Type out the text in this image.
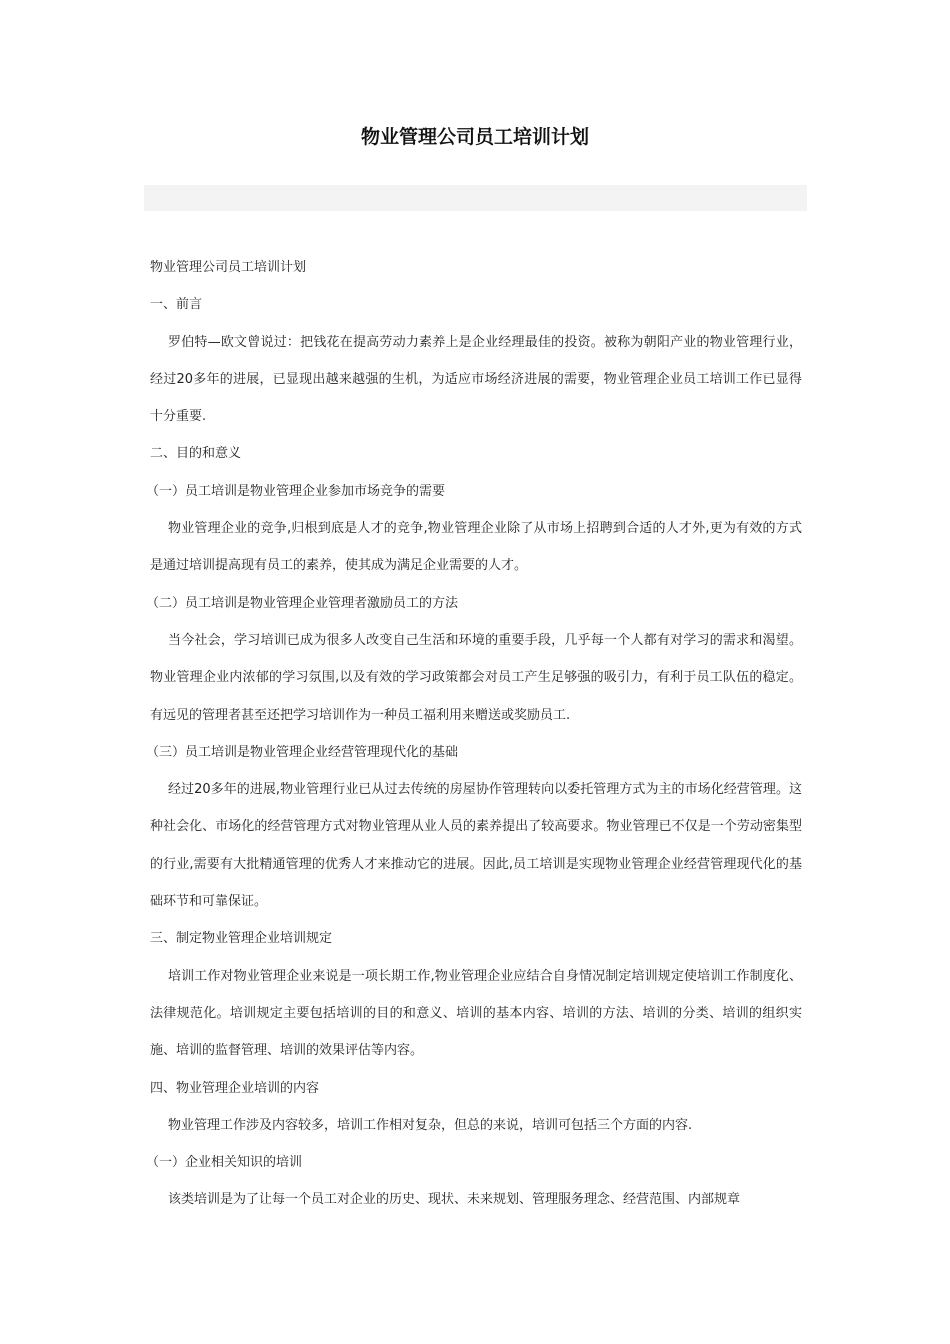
物业管理公司员工培训计划

物业管理公司员工培训计划

一、前言

罗伯特—欧文曾说过：把钱花在提高劳动力素养上是企业经理最佳的投资。被称为朝阳产业的物业管理行业，经过20多年的进展，已显现出越来越强的生机，为适应市场经济进展的需要，物业管理企业员工培训工作已显得十分重要.

二、目的和意义

（一）员工培训是物业管理企业参加市场竞争的需要

物业管理企业的竞争,归根到底是人才的竞争,物业管理企业除了从市场上招聘到合适的人才外,更为有效的方式是通过培训提高现有员工的素养，使其成为满足企业需要的人才。

（二）员工培训是物业管理企业管理者激励员工的方法

当今社会，学习培训已成为很多人改变自己生活和环境的重要手段，几乎每一个人都有对学习的需求和渴望。物业管理企业内浓郁的学习氛围,以及有效的学习政策都会对员工产生足够强的吸引力，有利于员工队伍的稳定。有远见的管理者甚至还把学习培训作为一种员工福利用来赠送或奖励员工.

（三）员工培训是物业管理企业经营管理现代化的基础

经过20多年的进展,物业管理行业已从过去传统的房屋协作管理转向以委托管理方式为主的市场化经营管理。这种社会化、市场化的经营管理方式对物业管理从业人员的素养提出了较高要求。物业管理已不仅是一个劳动密集型的行业,需要有大批精通管理的优秀人才来推动它的进展。因此,员工培训是实现物业管理企业经营管理现代化的基础环节和可靠保证。

三、制定物业管理企业培训规定

培训工作对物业管理企业来说是一项长期工作,物业管理企业应结合自身情况制定培训规定使培训工作制度化、法律规范化。培训规定主要包括培训的目的和意义、培训的基本内容、培训的方法、培训的分类、培训的组织实施、培训的监督管理、培训的效果评估等内容。

四、物业管理企业培训的内容

物业管理工作涉及内容较多，培训工作相对复杂，但总的来说，培训可包括三个方面的内容.

（一）企业相关知识的培训

该类培训是为了让每一个员工对企业的历史、现状、未来规划、管理服务理念、经营范围、内部规章
